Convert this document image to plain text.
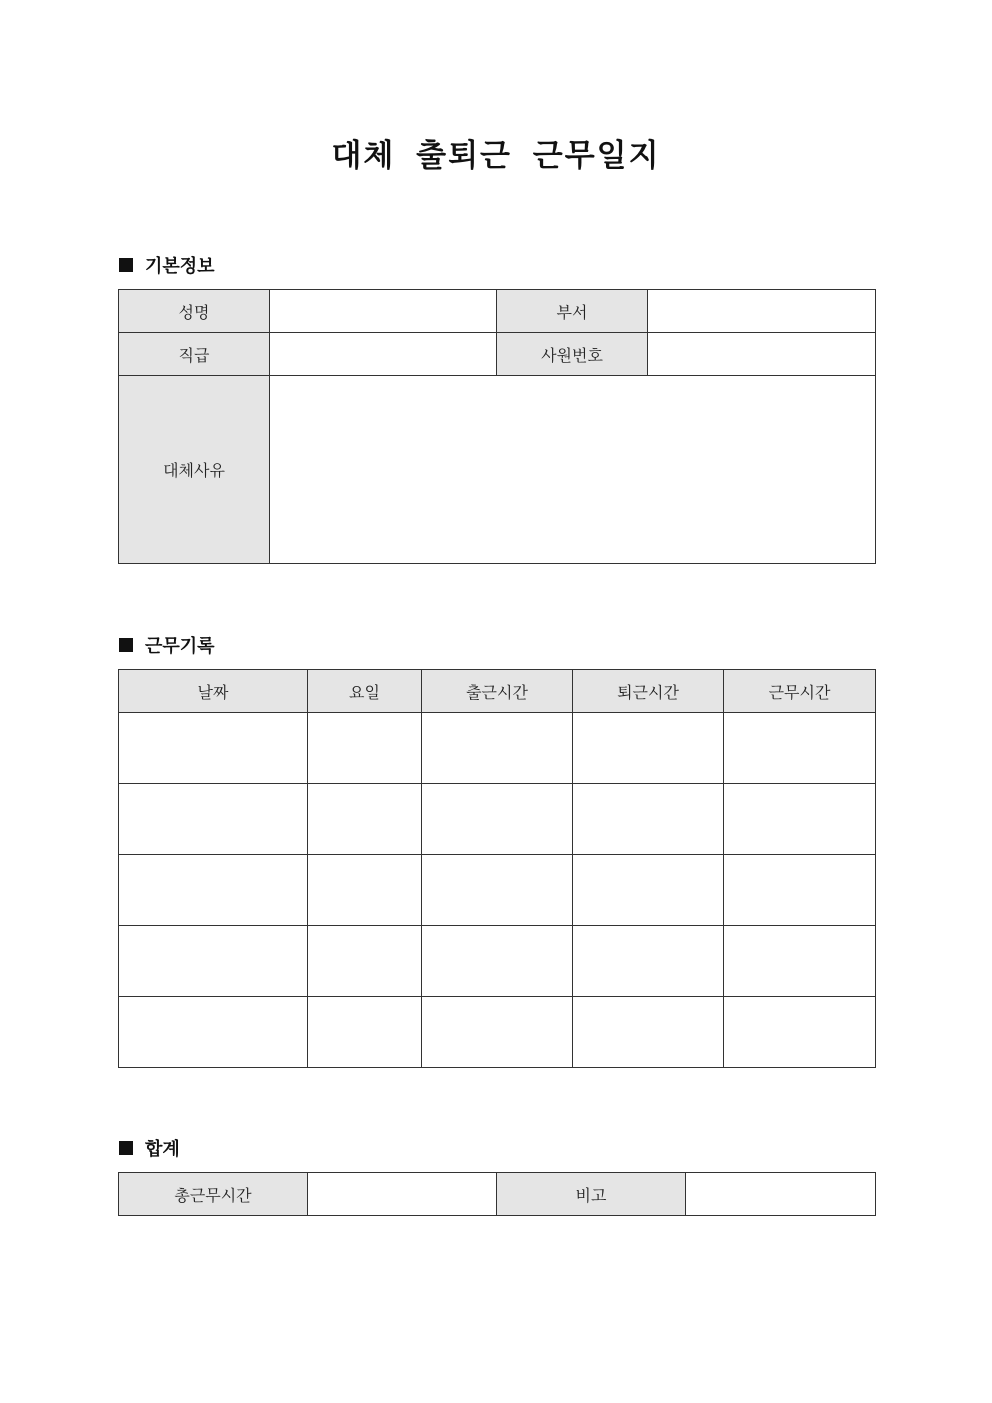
대체 출퇴근 근무일지
기본정보
성명		부서	
직급		사원번호	
대체사유			
근무기록
날짜	요일	출근시간	퇴근시간	근무시간

합계
총근무시간		비고	
